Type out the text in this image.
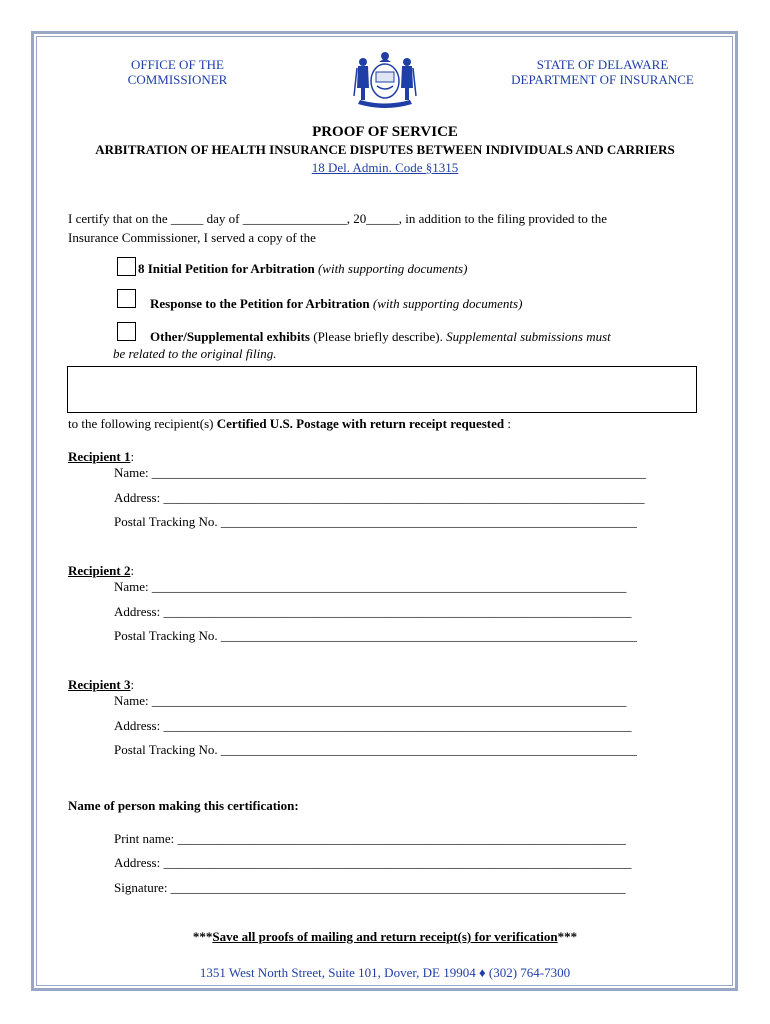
OFFICE OF THE
COMMISSIONER
STATE OF DELAWARE
DEPARTMENT OF INSURANCE
PROOF OF SERVICE
ARBITRATION OF HEALTH INSURANCE DISPUTES BETWEEN INDIVIDUALS AND CARRIERS
18 Del. Admin. Code §1315
I certify that on the _____ day of ________________, 20_____, in addition to the filing provided to the
Insurance Commissioner, I served a copy of the
8 Initial Petition for Arbitration (with supporting documents)
Response to the Petition for Arbitration (with supporting documents)
Other/Supplemental exhibits (Please briefly describe). Supplemental submissions must
be related to the original filing.
to the following recipient(s) Certified U.S. Postage with return receipt requested :
Recipient 1:
Name: ____________________________________________________________________________
Address: __________________________________________________________________________
Postal Tracking No. ________________________________________________________________
Recipient 2:
Name: _________________________________________________________________________
Address: ________________________________________________________________________
Postal Tracking No. ________________________________________________________________
Recipient 3:
Name: _________________________________________________________________________
Address: ________________________________________________________________________
Postal Tracking No. ________________________________________________________________
Name of person making this certification:
Print name: _____________________________________________________________________
Address: ________________________________________________________________________
Signature: ______________________________________________________________________
***Save all proofs of mailing and return receipt(s) for verification***
1351 West North Street, Suite 101, Dover, DE 19904 ♦ (302) 764-7300
